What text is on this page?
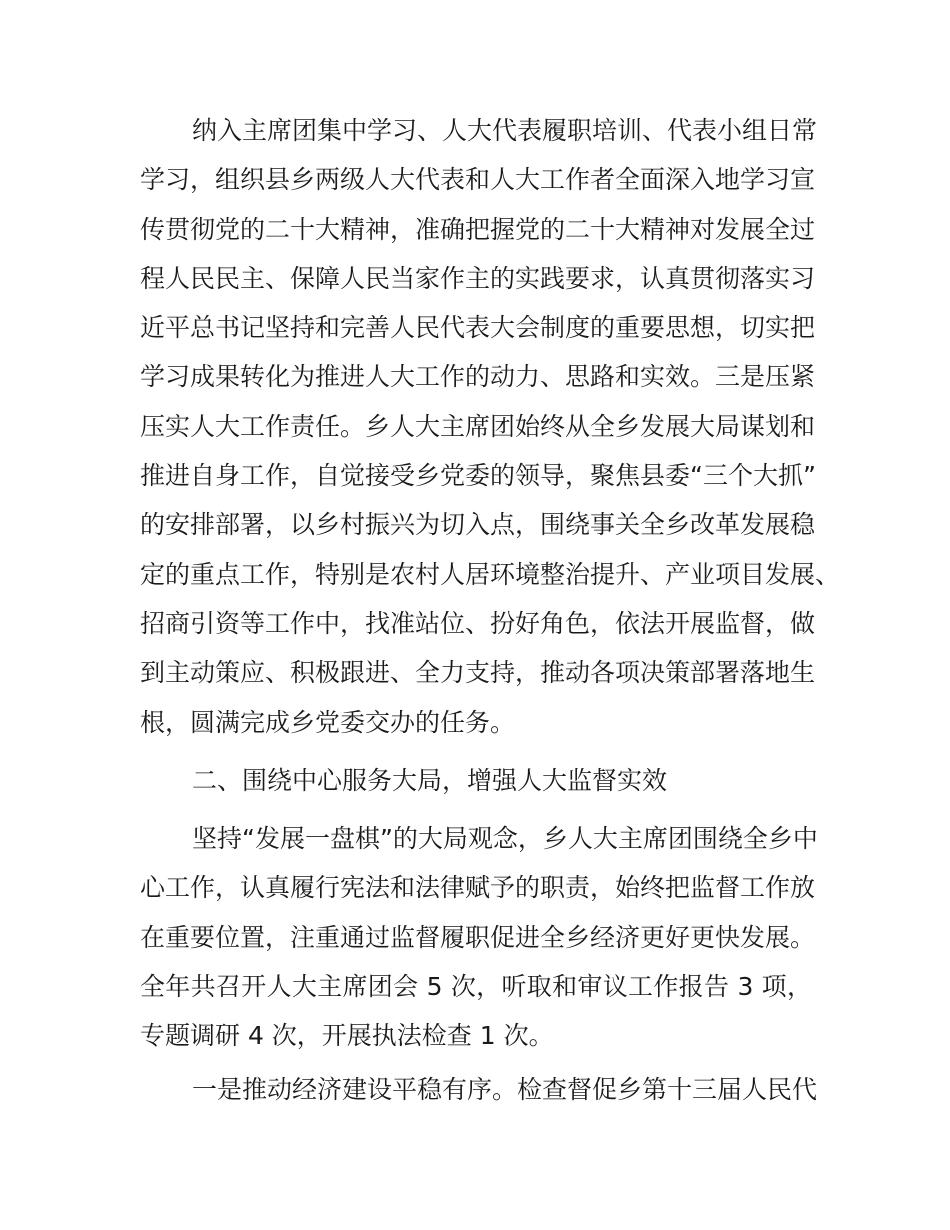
纳入主席团集中学习、人大代表履职培训、代表小组日常
学习，组织县乡两级人大代表和人大工作者全面深入地学习宣
传贯彻党的二十大精神，准确把握党的二十大精神对发展全过
程人民民主、保障人民当家作主的实践要求，认真贯彻落实习
近平总书记坚持和完善人民代表大会制度的重要思想，切实把
学习成果转化为推进人大工作的动力、思路和实效。三是压紧
压实人大工作责任。乡人大主席团始终从全乡发展大局谋划和
推进自身工作，自觉接受乡党委的领导，聚焦县委“三个大抓”
的安排部署，以乡村振兴为切入点，围绕事关全乡改革发展稳
定的重点工作，特别是农村人居环境整治提升、产业项目发展、
招商引资等工作中，找准站位、扮好角色，依法开展监督，做
到主动策应、积极跟进、全力支持，推动各项决策部署落地生
根，圆满完成乡党委交办的任务。
二、围绕中心服务大局，增强人大监督实效
坚持“发展一盘棋”的大局观念，乡人大主席团围绕全乡中
心工作，认真履行宪法和法律赋予的职责，始终把监督工作放
在重要位置，注重通过监督履职促进全乡经济更好更快发展。
全年共召开人大主席团会 5 次，听取和审议工作报告 3 项，
专题调研 4 次，开展执法检查 1 次。
一是推动经济建设平稳有序。检查督促乡第十三届人民代
